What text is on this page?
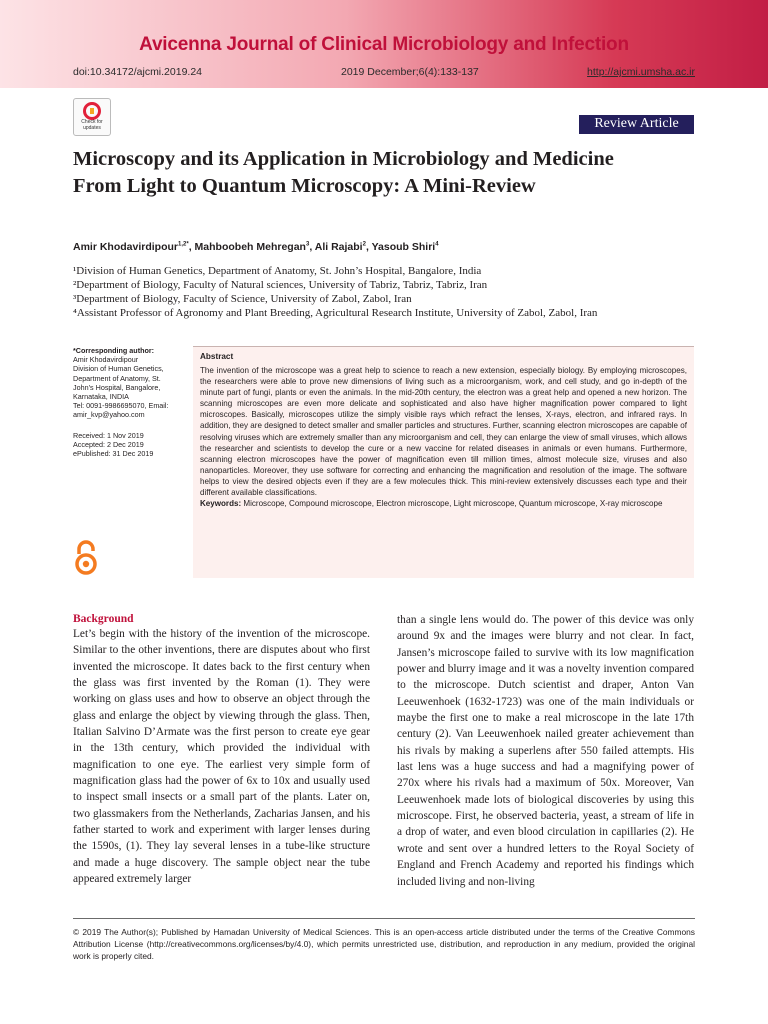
Avicenna Journal of Clinical Microbiology and Infection
doi:10.34172/ajcmi.2019.24	2019 December;6(4):133-137	http://ajcmi.umsha.ac.ir
Check for updates	Review Article
Microscopy and its Application in Microbiology and Medicine From Light to Quantum Microscopy: A Mini-Review
Amir Khodavirdipour$^{1,2*}$, Mahboobeh Mehregan$^3$, Ali Rajabi$^2$, Yasoub Shiri$^4$
¹Division of Human Genetics, Department of Anatomy, St. John’s Hospital, Bangalore, India
²Department of Biology, Faculty of Natural sciences, University of Tabriz, Tabriz, Tabriz, Iran
³Department of Biology, Faculty of Science, University of Zabol, Zabol, Iran
⁴Assistant Professor of Agronomy and Plant Breeding, Agricultural Research Institute, University of Zabol, Zabol, Iran
*Corresponding author:
Amir Khodavirdipour
Division of Human Genetics,
Department of Anatomy, St.
John’s Hospital, Bangalore,
Karnataka, INDIA
Tel: 0091-9986695070, Email:
amir_kvp@yahoo.com
Received: 1 Nov 2019
Accepted: 2 Dec 2019
ePublished: 31 Dec 2019
Abstract
The invention of the microscope was a great help to science to reach a new extension, especially biology. By employing microscopes, the researchers were able to prove new dimensions of living such as a microorganism, work, and cell study, and go in-depth of the minute part of fungi, plants or even the animals. In the mid-20th century, the electron was a great help and opened a new horizon. The scanning microscopes are even more delicate and sophisticated and also have higher magnification power compared to light microscopes. Basically, microscopes utilize the simply visible rays which refract the lenses, X-rays, electron, and infrared rays. In addition, they are designed to detect smaller and smaller particles and structures. Further, scanning electron microscopes are capable of resolving viruses which are extremely smaller than any microorganism and cell, they can enlarge the view of small viruses, which allows the researcher and scientists to develop the cure or a new vaccine for related diseases in animals or even humans. Furthermore, scanning electron microscopes have the power of magnification even till million times, almost molecule size, viruses and also nanoparticles. Moreover, they use software for correcting and enhancing the magnification and resolution of the image. The software helps to view the desired objects even if they are a few molecules thick. This mini-review extensively discusses each type and their different available classifications.
Keywords: Microscope, Compound microscope, Electron microscope, Light microscope, Quantum microscope, X-ray microscope
Background
Let’s begin with the history of the invention of the microscope. Similar to the other inventions, there are disputes about who first invented the microscope. It dates back to the first century when the glass was first invented by the Roman (1). They were working on glass uses and how to observe an object through the glass and enlarge the object by viewing through the glass. Then, Italian Salvino D’Armate was the first person to create eye gear in the 13th century, which provided the individual with magnification to one eye. The earliest very simple form of magnification glass had the power of 6x to 10x and usually used to inspect small insects or a small part of the plants. Later on, two glassmakers from the Netherlands, Zacharias Jansen, and his father started to work and experiment with larger lenses during the 1590s, (1). They lay several lenses in a tube-like structure and made a huge discovery. The sample object near the tube appeared extremely larger
than a single lens would do. The power of this device was only around 9x and the images were blurry and not clear. In fact, Jansen’s microscope failed to survive with its low magnification power and blurry image and it was a novelty invention compared to the microscope. Dutch scientist and draper, Anton Van Leeuwenhoek (1632-1723) was one of the main individuals or maybe the first one to make a real microscope in the late 17th century (2). Van Leeuwenhoek nailed greater achievement than his rivals by making a superlens after 550 failed attempts. His last lens was a huge success and had a magnifying power of 270x where his rivals had a maximum of 50x. Moreover, Van Leeuwenhoek made lots of biological discoveries by using this microscope. First, he observed bacteria, yeast, a stream of life in a drop of water, and even blood circulation in capillaries (2). He wrote and sent over a hundred letters to the Royal Society of England and French Academy and reported his findings which included living and non-living
© 2019 The Author(s); Published by Hamadan University of Medical Sciences. This is an open-access article distributed under the terms of the Creative Commons Attribution License (http://creativecommons.org/licenses/by/4.0), which permits unrestricted use, distribution, and reproduction in any medium, provided the original work is properly cited.
